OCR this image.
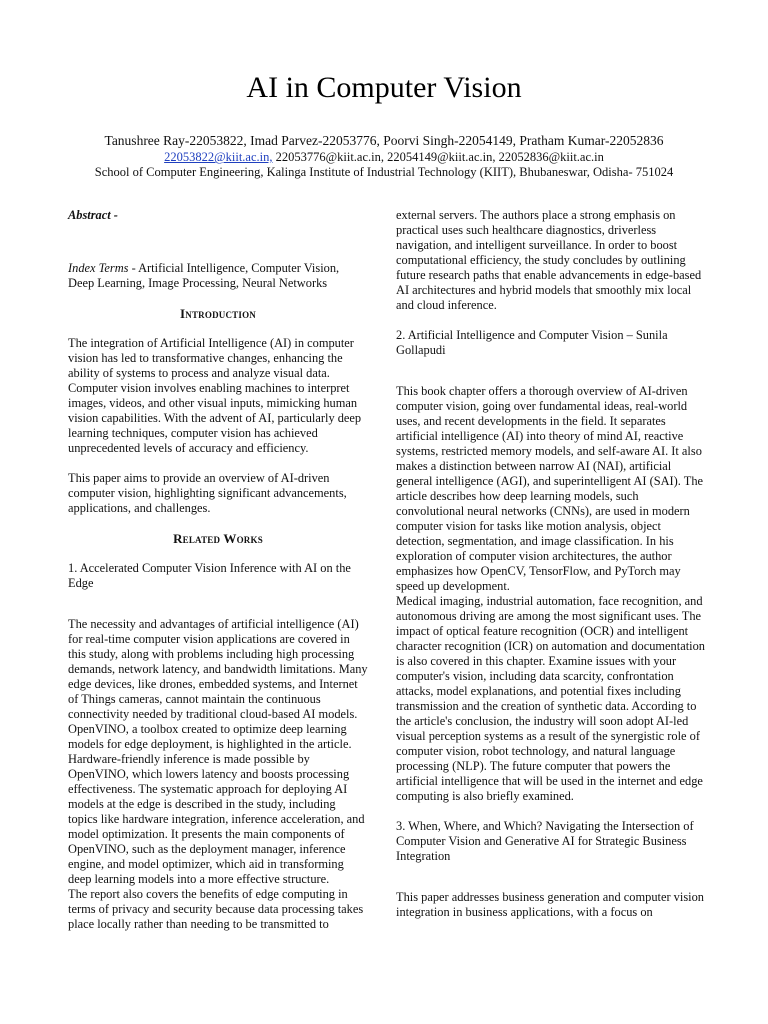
AI in Computer Vision
Tanushree Ray-22053822, Imad Parvez-22053776, Poorvi Singh-22054149, Pratham Kumar-22052836
22053822@kiit.ac.in, 22053776@kiit.ac.in, 22054149@kiit.ac.in, 22052836@kiit.ac.in
School of Computer Engineering, Kalinga Institute of Industrial Technology (KIIT), Bhubaneswar, Odisha- 751024

Abstract -

Index Terms - Artificial Intelligence, Computer Vision, Deep Learning, Image Processing, Neural Networks

Introduction

The integration of Artificial Intelligence (AI) in computer vision has led to transformative changes, enhancing the ability of systems to process and analyze visual data. Computer vision involves enabling machines to interpret images, videos, and other visual inputs, mimicking human vision capabilities. With the advent of AI, particularly deep learning techniques, computer vision has achieved unprecedented levels of accuracy and efficiency.

This paper aims to provide an overview of AI-driven computer vision, highlighting significant advancements, applications, and challenges.

Related Works

1. Accelerated Computer Vision Inference with AI on the Edge

The necessity and advantages of artificial intelligence (AI) for real-time computer vision applications are covered in this study, along with problems including high processing demands, network latency, and bandwidth limitations. Many edge devices, like drones, embedded systems, and Internet of Things cameras, cannot maintain the continuous connectivity needed by traditional cloud-based AI models. OpenVINO, a toolbox created to optimize deep learning models for edge deployment, is highlighted in the article. Hardware-friendly inference is made possible by OpenVINO, which lowers latency and boosts processing effectiveness. The systematic approach for deploying AI models at the edge is described in the study, including topics like hardware integration, inference acceleration, and model optimization. It presents the main components of OpenVINO, such as the deployment manager, inference engine, and model optimizer, which aid in transforming deep learning models into a more effective structure.

The report also covers the benefits of edge computing in terms of privacy and security because data processing takes place locally rather than needing to be transmitted to

external servers. The authors place a strong emphasis on practical uses such healthcare diagnostics, driverless navigation, and intelligent surveillance. In order to boost computational efficiency, the study concludes by outlining future research paths that enable advancements in edge-based AI architectures and hybrid models that smoothly mix local and cloud inference.

2. Artificial Intelligence and Computer Vision – Sunila Gollapudi

This book chapter offers a thorough overview of AI-driven computer vision, going over fundamental ideas, real-world uses, and recent developments in the field. It separates artificial intelligence (AI) into theory of mind AI, reactive systems, restricted memory models, and self-aware AI. It also makes a distinction between narrow AI (NAI), artificial general intelligence (AGI), and superintelligent AI (SAI). The article describes how deep learning models, such convolutional neural networks (CNNs), are used in modern computer vision for tasks like motion analysis, object detection, segmentation, and image classification. In his exploration of computer vision architectures, the author emphasizes how OpenCV, TensorFlow, and PyTorch may speed up development.

Medical imaging, industrial automation, face recognition, and autonomous driving are among the most significant uses. The impact of optical feature recognition (OCR) and intelligent character recognition (ICR) on automation and documentation is also covered in this chapter. Examine issues with your computer's vision, including data scarcity, confrontation attacks, model explanations, and potential fixes including transmission and the creation of synthetic data. According to the article's conclusion, the industry will soon adopt AI-led visual perception systems as a result of the synergistic role of computer vision, robot technology, and natural language processing (NLP). The future computer that powers the artificial intelligence that will be used in the internet and edge computing is also briefly examined.

3. When, Where, and Which? Navigating the Intersection of Computer Vision and Generative AI for Strategic Business Integration

This paper addresses business generation and computer vision integration in business applications, with a focus on
